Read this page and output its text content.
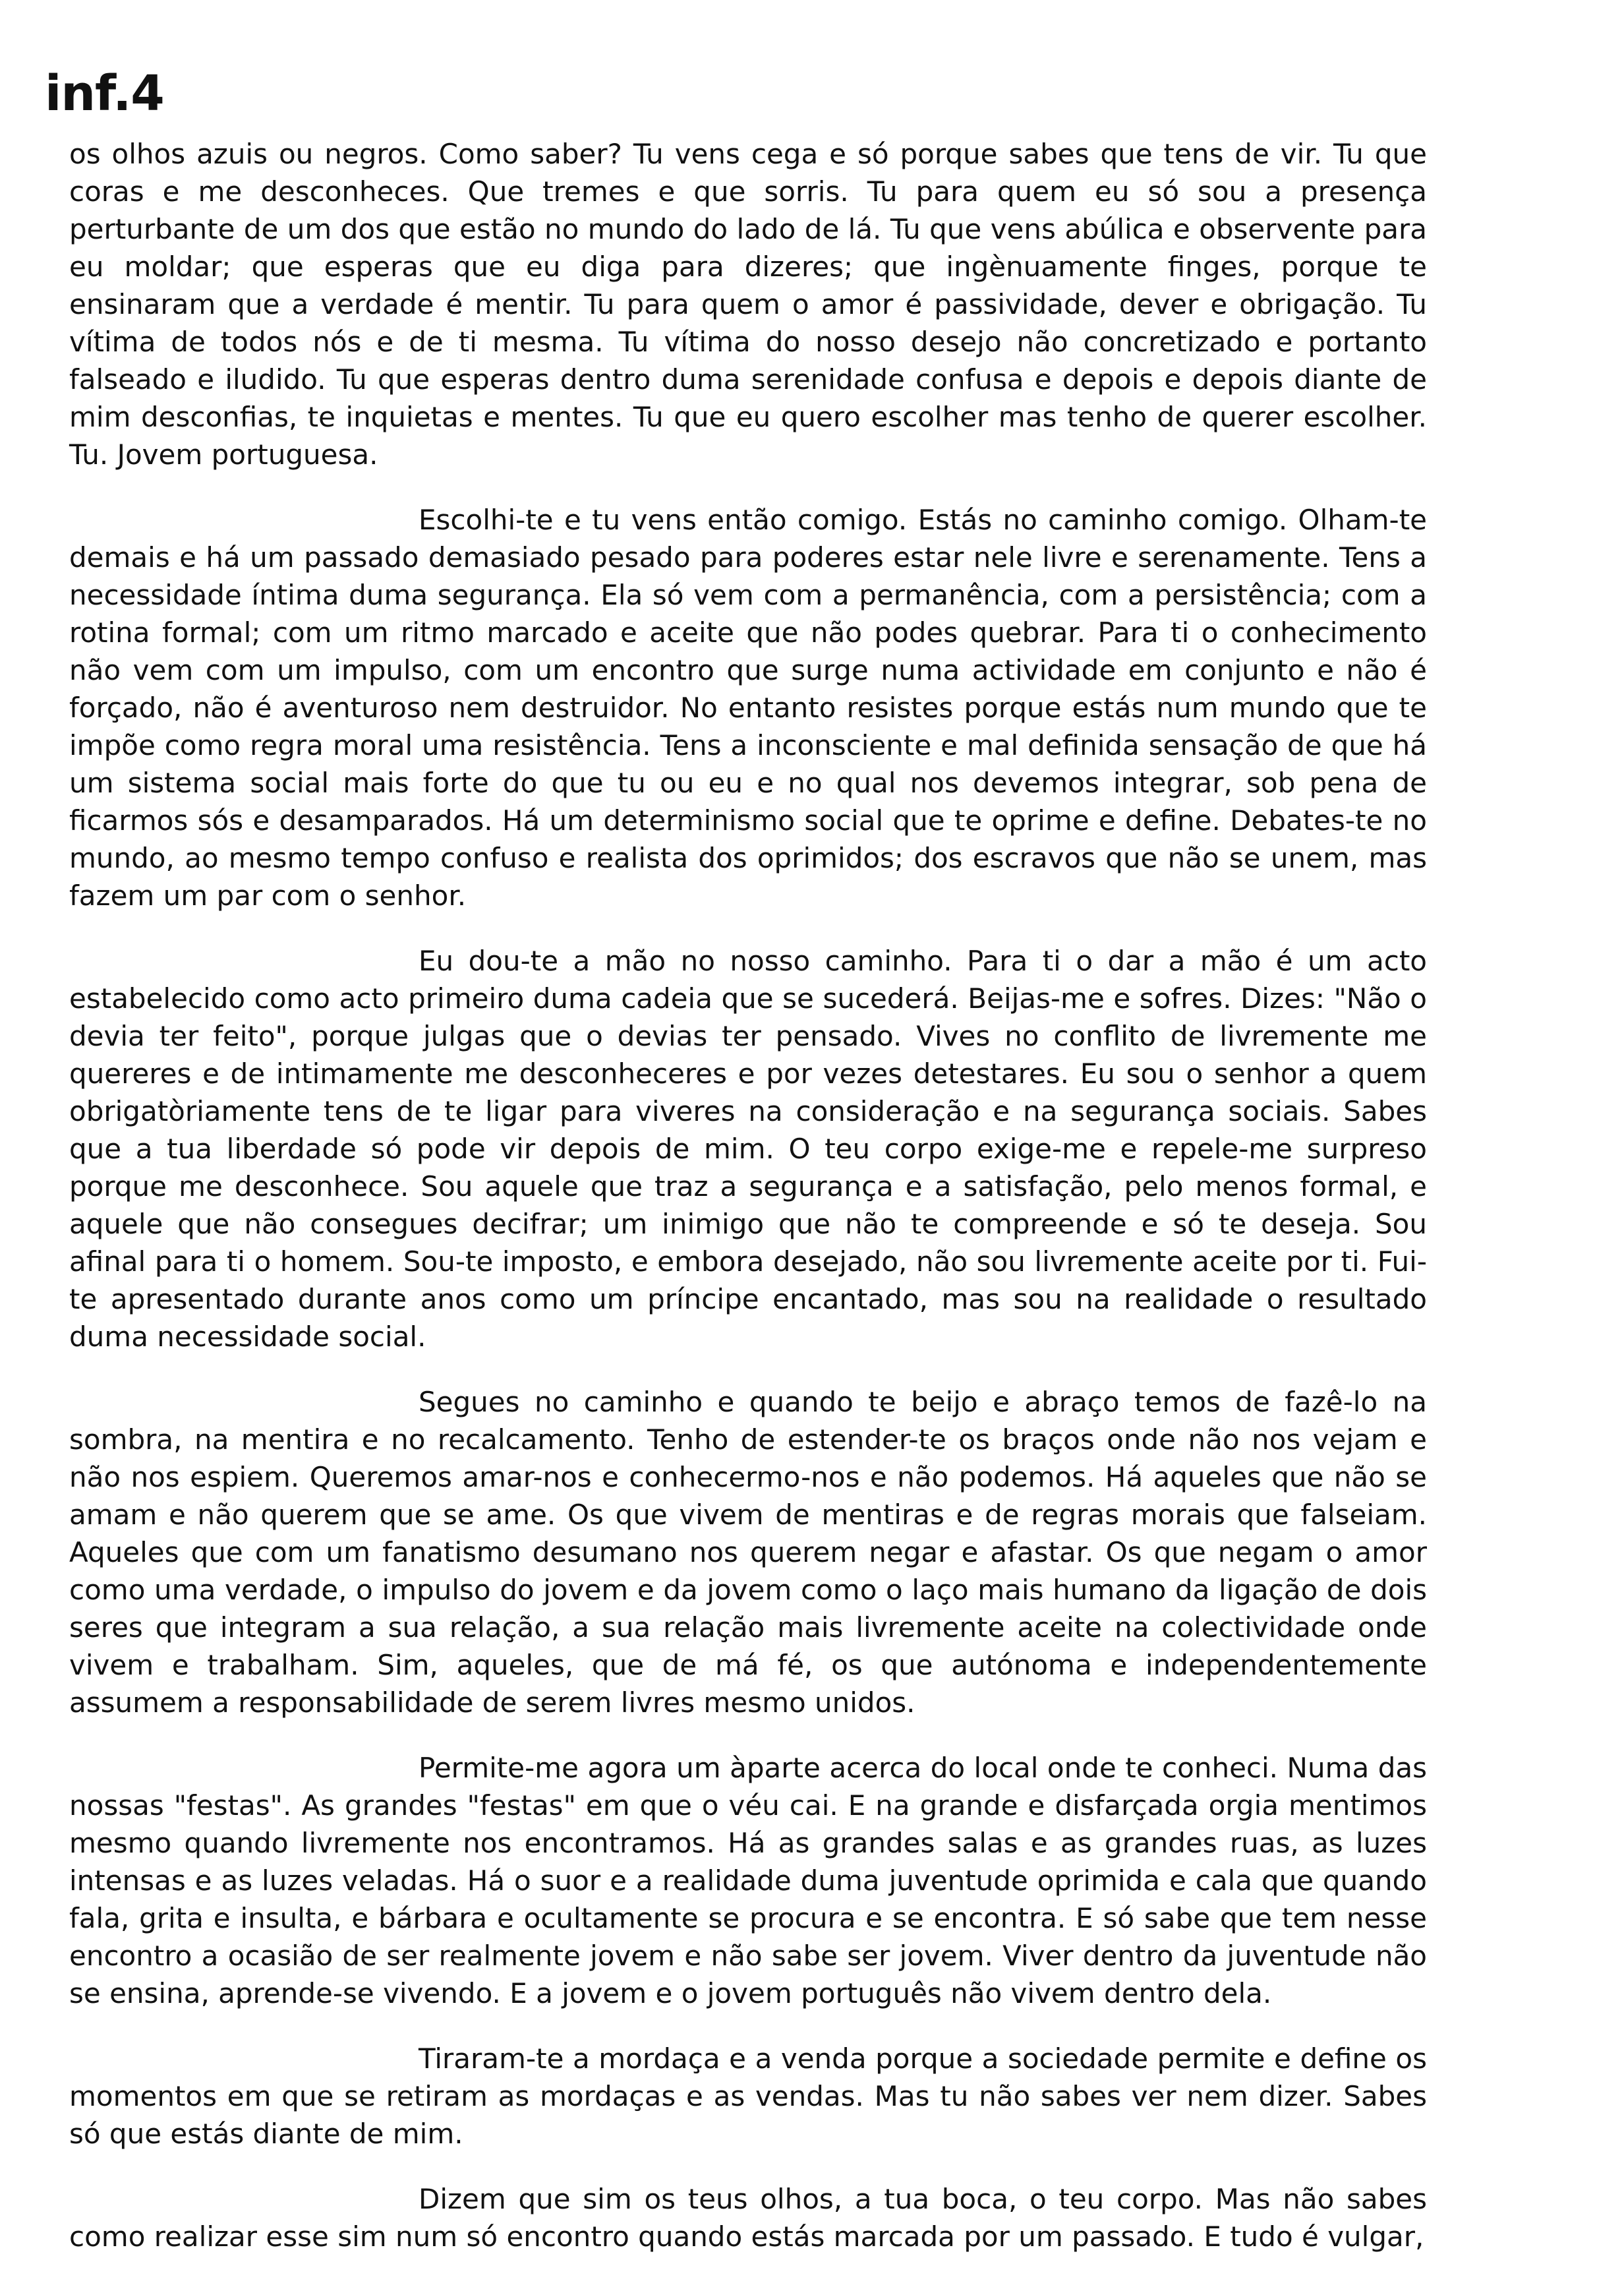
inf.4

os olhos azuis ou negros. Como saber? Tu vens cega e só porque sabes que tens de vir. Tu que coras e me desconheces. Que tremes e que sorris. Tu para quem eu só sou a presença perturbante de um dos que estão no mundo do lado de lá. Tu que vens abúlica e observente para eu moldar; que esperas que eu diga para dizeres; que ingènuamente finges, porque te ensinaram que a verdade é mentir. Tu para quem o amor é passividade, dever e obrigação. Tu vítima de todos nós e de ti mesma. Tu vítima do nosso desejo não concretizado e portanto falseado e iludido. Tu que esperas dentro duma serenidade confusa e depois e depois diante de mim desconfias, te inquietas e mentes. Tu que eu quero escolher mas tenho de querer escolher. Tu. Jovem portuguesa.

Escolhi-te e tu vens então comigo. Estás no caminho comigo. Olham-te demais e há um passado demasiado pesado para poderes estar nele livre e serenamente. Tens a necessidade íntima duma segurança. Ela só vem com a permanência, com a persistência; com a rotina formal; com um ritmo marcado e aceite que não podes quebrar. Para ti o conhecimento não vem com um impulso, com um encontro que surge numa actividade em conjunto e não é forçado, não é aventuroso nem destruidor. No entanto resistes porque estás num mundo que te impõe como regra moral uma resistência. Tens a inconsciente e mal definida sensação de que há um sistema social mais forte do que tu ou eu e no qual nos devemos integrar, sob pena de ficarmos sós e desamparados. Há um determinismo social que te oprime e define. Debates-te no mundo, ao mesmo tempo confuso e realista dos oprimidos; dos escravos que não se unem, mas fazem um par com o senhor.

Eu dou-te a mão no nosso caminho. Para ti o dar a mão é um acto estabelecido como acto primeiro duma cadeia que se sucederá. Beijas-me e sofres. Dizes: "Não o devia ter feito", porque julgas que o devias ter pensado. Vives no conflito de livremente me quereres e de intimamente me desconheceres e por vezes detestares. Eu sou o senhor a quem obrigatòriamente tens de te ligar para viveres na consideração e na segurança sociais. Sabes que a tua liberdade só pode vir depois de mim. O teu corpo exige-me e repele-me surpreso porque me desconhece. Sou aquele que traz a segurança e a satisfação, pelo menos formal, e aquele que não consegues decifrar; um inimigo que não te compreende e só te deseja. Sou afinal para ti o homem. Sou-te imposto, e embora desejado, não sou livremente aceite por ti. Fui-te apresentado durante anos como um príncipe encantado, mas sou na realidade o resultado duma necessidade social.

Segues no caminho e quando te beijo e abraço temos de fazê-lo na sombra, na mentira e no recalcamento. Tenho de estender-te os braços onde não nos vejam e não nos espiem. Queremos amar-nos e conhecermo-nos e não podemos. Há aqueles que não se amam e não querem que se ame. Os que vivem de mentiras e de regras morais que falseiam. Aqueles que com um fanatismo desumano nos querem negar e afastar. Os que negam o amor como uma verdade, o impulso do jovem e da jovem como o laço mais humano da ligação de dois seres que integram a sua relação, a sua relação mais livremente aceite na colectividade onde vivem e trabalham. Sim, aqueles, que de má fé, os que autónoma e independentemente assumem a responsabilidade de serem livres mesmo unidos.

Permite-me agora um àparte acerca do local onde te conheci. Numa das nossas "festas". As grandes "festas" em que o véu cai. E na grande e disfarçada orgia mentimos mesmo quando livremente nos encontramos. Há as grandes salas e as grandes ruas, as luzes intensas e as luzes veladas. Há o suor e a realidade duma juventude oprimida e cala que quando fala, grita e insulta, e bárbara e ocultamente se procura e se encontra. E só sabe que tem nesse encontro a ocasião de ser realmente jovem e não sabe ser jovem. Viver dentro da juventude não se ensina, aprende-se vivendo. E a jovem e o jovem português não vivem dentro dela.

Tiraram-te a mordaça e a venda porque a sociedade permite e define os momentos em que se retiram as mordaças e as vendas. Mas tu não sabes ver nem dizer. Sabes só que estás diante de mim.

Dizem que sim os teus olhos, a tua boca, o teu corpo. Mas não sabes como realizar esse sim num só encontro quando estás marcada por um passado. E tudo é vulgar,
